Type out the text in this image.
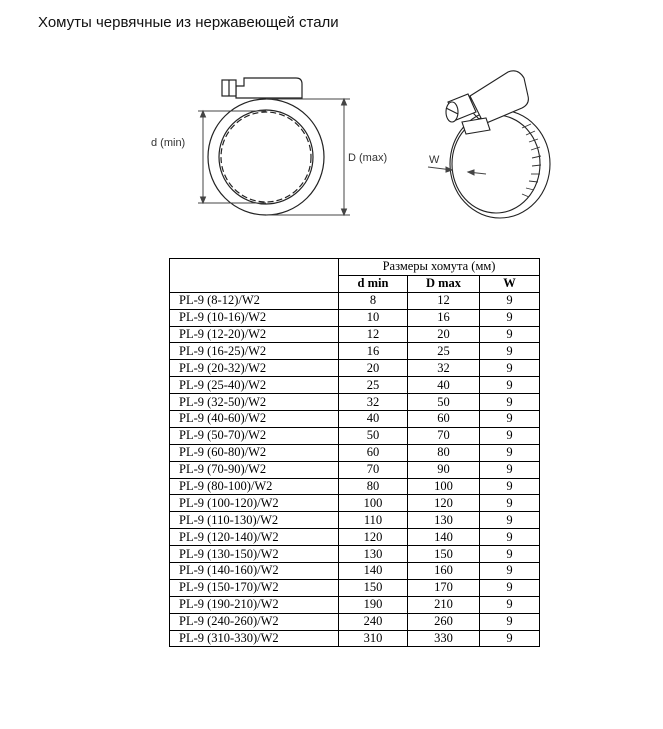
Хомуты червячные из нержавеющей стали
d (min)
D (max)	W
	Размеры хомута (мм)		
	d min	D max	W
PL-9 (8-12)/W2	8	12	9
PL-9 (10-16)/W2	10	16	9
PL-9 (12-20)/W2	12	20	9
PL-9 (16-25)/W2	16	25	9
PL-9 (20-32)/W2	20	32	9
PL-9 (25-40)/W2	25	40	9
PL-9 (32-50)/W2	32	50	9
PL-9 (40-60)/W2	40	60	9
PL-9 (50-70)/W2	50	70	9
PL-9 (60-80)/W2	60	80	9
PL-9 (70-90)/W2	70	90	9
PL-9 (80-100)/W2	80	100	9
PL-9 (100-120)/W2	100	120	9
PL-9 (110-130)/W2	110	130	9
PL-9 (120-140)/W2	120	140	9
PL-9 (130-150)/W2	130	150	9
PL-9 (140-160)/W2	140	160	9
PL-9 (150-170)/W2	150	170	9
PL-9 (190-210)/W2	190	210	9
PL-9 (240-260)/W2	240	260	9
PL-9 (310-330)/W2	310	330	9
